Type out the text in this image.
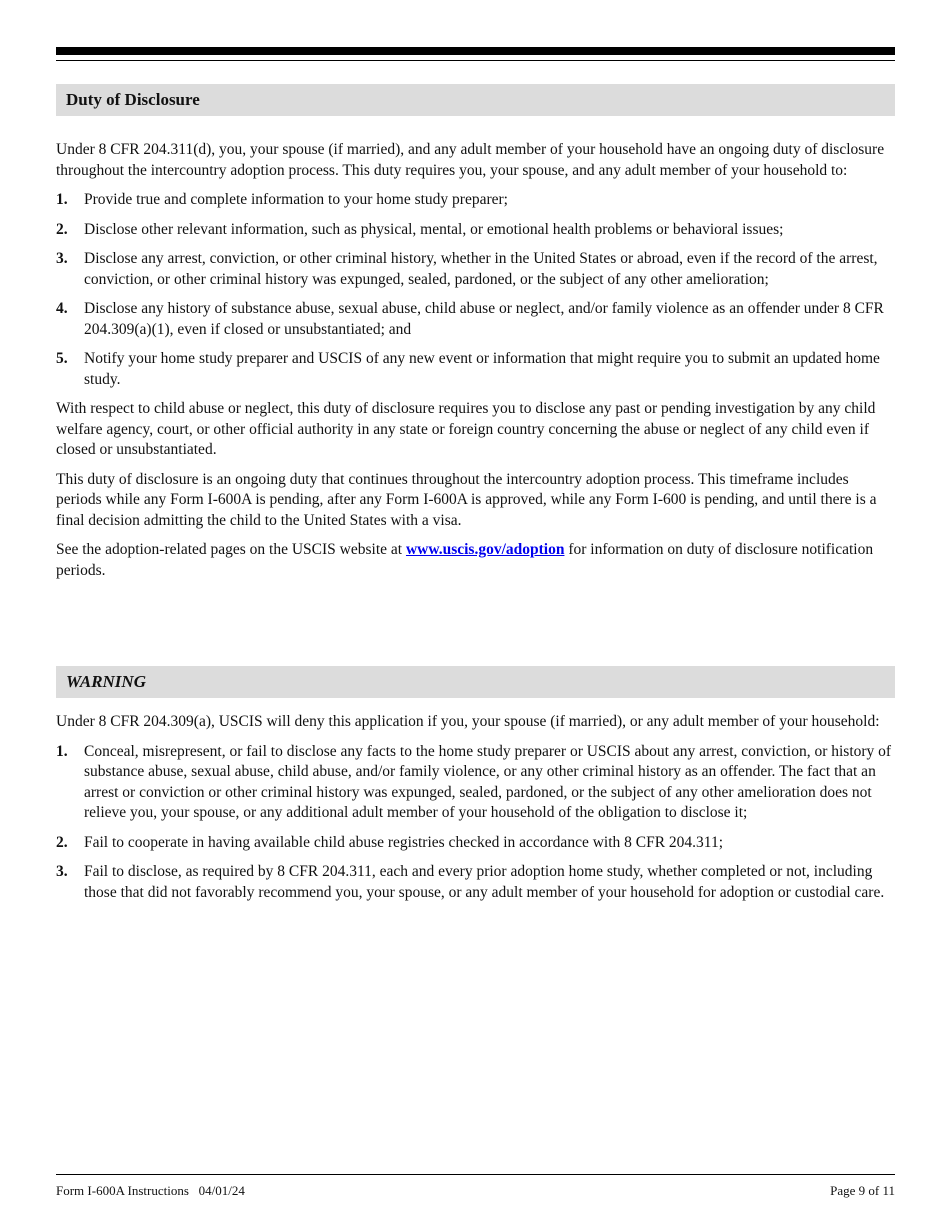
Duty of Disclosure

Under 8 CFR 204.311(d), you, your spouse (if married), and any adult member of your household have an ongoing duty of disclosure throughout the intercountry adoption process. This duty requires you, your spouse, and any adult member of your household to:

1. Provide true and complete information to your home study preparer;
2. Disclose other relevant information, such as physical, mental, or emotional health problems or behavioral issues;
3. Disclose any arrest, conviction, or other criminal history, whether in the United States or abroad, even if the record of the arrest, conviction, or other criminal history was expunged, sealed, pardoned, or the subject of any other amelioration;
4. Disclose any history of substance abuse, sexual abuse, child abuse or neglect, and/or family violence as an offender under 8 CFR 204.309(a)(1), even if closed or unsubstantiated; and
5. Notify your home study preparer and USCIS of any new event or information that might require you to submit an updated home study.

With respect to child abuse or neglect, this duty of disclosure requires you to disclose any past or pending investigation by any child welfare agency, court, or other official authority in any state or foreign country concerning the abuse or neglect of any child even if closed or unsubstantiated.

This duty of disclosure is an ongoing duty that continues throughout the intercountry adoption process. This timeframe includes periods while any Form I-600A is pending, after any Form I-600A is approved, while any Form I-600 is pending, and until there is a final decision admitting the child to the United States with a visa.

See the adoption-related pages on the USCIS website at www.uscis.gov/adoption for information on duty of disclosure notification periods.

WARNING

Under 8 CFR 204.309(a), USCIS will deny this application if you, your spouse (if married), or any adult member of your household:

1. Conceal, misrepresent, or fail to disclose any facts to the home study preparer or USCIS about any arrest, conviction, or history of substance abuse, sexual abuse, child abuse, and/or family violence, or any other criminal history as an offender. The fact that an arrest or conviction or other criminal history was expunged, sealed, pardoned, or the subject of any other amelioration does not relieve you, your spouse, or any additional adult member of your household of the obligation to disclose it;
2. Fail to cooperate in having available child abuse registries checked in accordance with 8 CFR 204.311;
3. Fail to disclose, as required by 8 CFR 204.311, each and every prior adoption home study, whether completed or not, including those that did not favorably recommend you, your spouse, or any adult member of your household for adoption or custodial care.
Form I-600A Instructions   04/01/24	Page 9 of 11
